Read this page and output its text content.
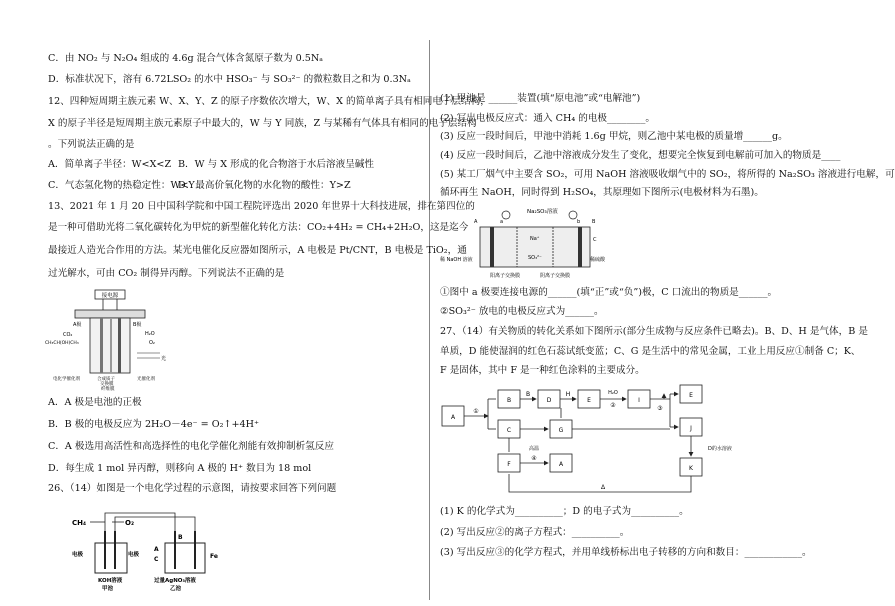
C．由 NO₂ 与 N₂O₄ 组成的 4.6g 混合气体含氮原子数为 0.5Nₐ
D．标准状况下，溶有 6.72LSO₂ 的水中 HSO₃⁻ 与 SO₃²⁻ 的微粒数目之和为 0.3Nₐ
12、四种短周期主族元素 W、X、Y、Z 的原子序数依次增大，W、X 的简单离子具有相同电子层结构，
X 的原子半径是短周期主族元素原子中最大的，W 与 Y 同族，Z 与某稀有气体具有相同的电子层结构
。下列说法正确的是
A．简单离子半径：W<X<Z B．W 与 X 形成的化合物溶于水后溶液呈碱性
C．气态氢化物的热稳定性：W<Y
D．最高价氧化物的水化物的酸性：Y>Z
13、2021 年 1 月 20 日中国科学院和中国工程院评选出 2020 年世界十大科技进展，排在第四位的
是一种可借助光将二氧化碳转化为甲烷的新型催化转化方法：CO₂+4H₂ = CH₄+2H₂O，这是迄今
最接近人造光合作用的方法。某光电催化反应器如图所示，A 电极是 Pt/CNT，B 电极是 TiO₂，通
过光解水，可由 CO₂ 制得异丙醇。下列说法不正确的是
接电源
A极	B极
CO₂
CH₃CH(OH)CH₃
H₂O
O₂
光
电化学催化剂	合成质子
交换膜
纤维膜
光催化剂
A．A 极是电池的正极
B．B 极的电极反应为 2H₂O－4e⁻ = O₂↑+4H⁺
C．A 极选用高活性和高选择性的电化学催化剂能有效抑制析氢反应
D．每生成 1 mol 异丙醇，则移向 A 极的 H⁺ 数目为 18 mol
26、（14）如图是一个电化学过程的示意图，请按要求回答下列问题
CH₄	O₂
电极	电极
KOH溶液
甲池
A
B
C	Fe
过量AgNO₃溶液
乙池
(1) 甲池是 ______装置(填“原电池”或“电解池”)
(2) 写出电极反应式：通入 CH₄ 的电极________。
(3) 反应一段时间后，甲池中消耗 1.6g 甲烷，则乙池中某电极的质量增______g。
(4) 反应一段时间后，乙池中溶液成分发生了变化，想要完全恢复到电解前可加入的物质是____
(5) 某工厂烟气中主要含 SO₂，可用 NaOH 溶液吸收烟气中的 SO₂，将所得的 Na₂SO₃ 溶液进行电解，可
循环再生 NaOH，同时得到 H₂SO₄，其原理如下图所示(电极材料为石墨)。
Na₂SO₃溶液
a	b
A	B
C
Na⁺
SO₃²⁻
稀 NaOH 溶液	稀硫酸
阳离子交换膜	阴离子交换膜
①图中 a 极要连接电源的______(填“正”或“负”)极，C 口流出的物质是______。
②SO₃²⁻ 放电的电极反应式为______。
27、（14）有关物质的转化关系如下图所示(部分生成物与反应条件已略去)。B、D、H 是气体，B 是
单质，D 能使湿润的红色石蕊试纸变蓝；C、G 是生活中的常见金属，工业上用反应①制备 C；K、
F 是固体，其中 F 是一种红色涂料的主要成分。
A
B	D	E	I
C	G
F	A
E
J
K
①
B	H	H₂O
②	③
高温
④
D的水溶液
Δ
(1) K 的化学式为__________；D 的电子式为__________。
(2) 写出反应②的离子方程式：__________。
(3) 写出反应③的化学方程式，并用单线桥标出电子转移的方向和数目：____________。
